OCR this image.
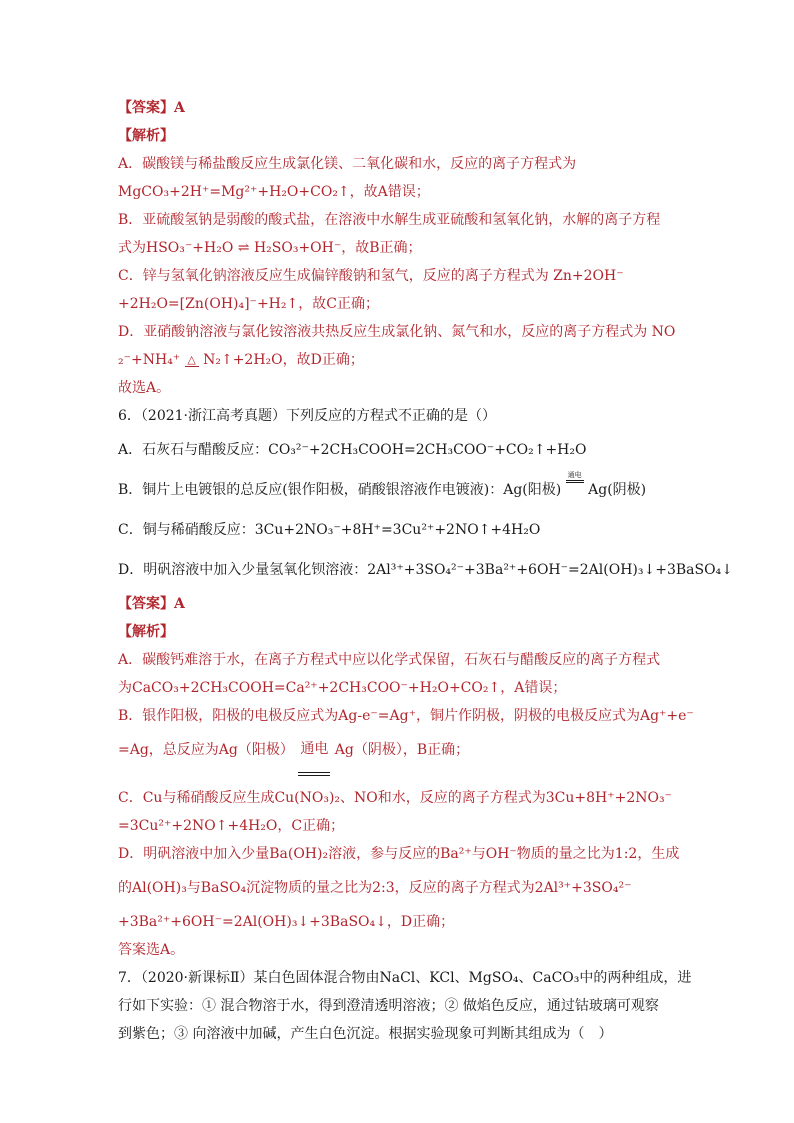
【答案】A
【解析】
A．碳酸镁与稀盐酸反应生成氯化镁、二氧化碳和水，反应的离子方程式为
MgCO₃+2H⁺=Mg²⁺+H₂O+CO₂↑，故A错误；
B．亚硫酸氢钠是弱酸的酸式盐，在溶液中水解生成亚硫酸和氢氧化钠，水解的离子方程
式为HSO₃⁻+H₂O ⇌ H₂SO₃+OH⁻，故B正确；
C．锌与氢氧化钠溶液反应生成偏锌酸钠和氢气，反应的离子方程式为 Zn+2OH⁻
+2H₂O=[Zn(OH)₄]⁻+H₂↑，故C正确；
D．亚硝酸钠溶液与氯化铵溶液共热反应生成氯化钠、氮气和水，反应的离子方程式为 NO
₂⁻+NH₄⁺ △ N₂↑+2H₂O，故D正确；
故选A。
6．（2021·浙江高考真题）下列反应的方程式不正确的是（）
A．石灰石与醋酸反应：CO₃²⁻+2CH₃COOH=2CH₃COO⁻+CO₂↑+H₂O
B．铜片上电镀银的总反应(银作阳极，硝酸银溶液作电镀液)：Ag(阳极) 通电 Ag(阴极)
C．铜与稀硝酸反应：3Cu+2NO₃⁻+8H⁺=3Cu²⁺+2NO↑+4H₂O
D．明矾溶液中加入少量氢氧化钡溶液：2Al³⁺+3SO₄²⁻+3Ba²⁺+6OH⁻=2Al(OH)₃↓+3BaSO₄↓
【答案】A
【解析】
A．碳酸钙难溶于水，在离子方程式中应以化学式保留，石灰石与醋酸反应的离子方程式
为CaCO₃+2CH₃COOH=Ca²⁺+2CH₃COO⁻+H₂O+CO₂↑，A错误；
B．银作阳极，阳极的电极反应式为Ag-e⁻=Ag⁺，铜片作阴极，阴极的电极反应式为Ag⁺+e⁻
=Ag，总反应为Ag（阳极） 通电 Ag（阴极），B正确；
C．Cu与稀硝酸反应生成Cu(NO₃)₂、NO和水，反应的离子方程式为3Cu+8H⁺+2NO₃⁻
=3Cu²⁺+2NO↑+4H₂O，C正确；
D．明矾溶液中加入少量Ba(OH)₂溶液，参与反应的Ba²⁺与OH⁻物质的量之比为1:2，生成
的Al(OH)₃与BaSO₄沉淀物质的量之比为2:3，反应的离子方程式为2Al³⁺+3SO₄²⁻
+3Ba²⁺+6OH⁻=2Al(OH)₃↓+3BaSO₄↓，D正确；
答案选A。
7．（2020·新课标Ⅱ）某白色固体混合物由NaCl、KCl、MgSO₄、CaCO₃中的两种组成，进
行如下实验：① 混合物溶于水，得到澄清透明溶液；② 做焰色反应，通过钴玻璃可观察
到紫色；③ 向溶液中加碱，产生白色沉淀。根据实验现象可判断其组成为（　）
